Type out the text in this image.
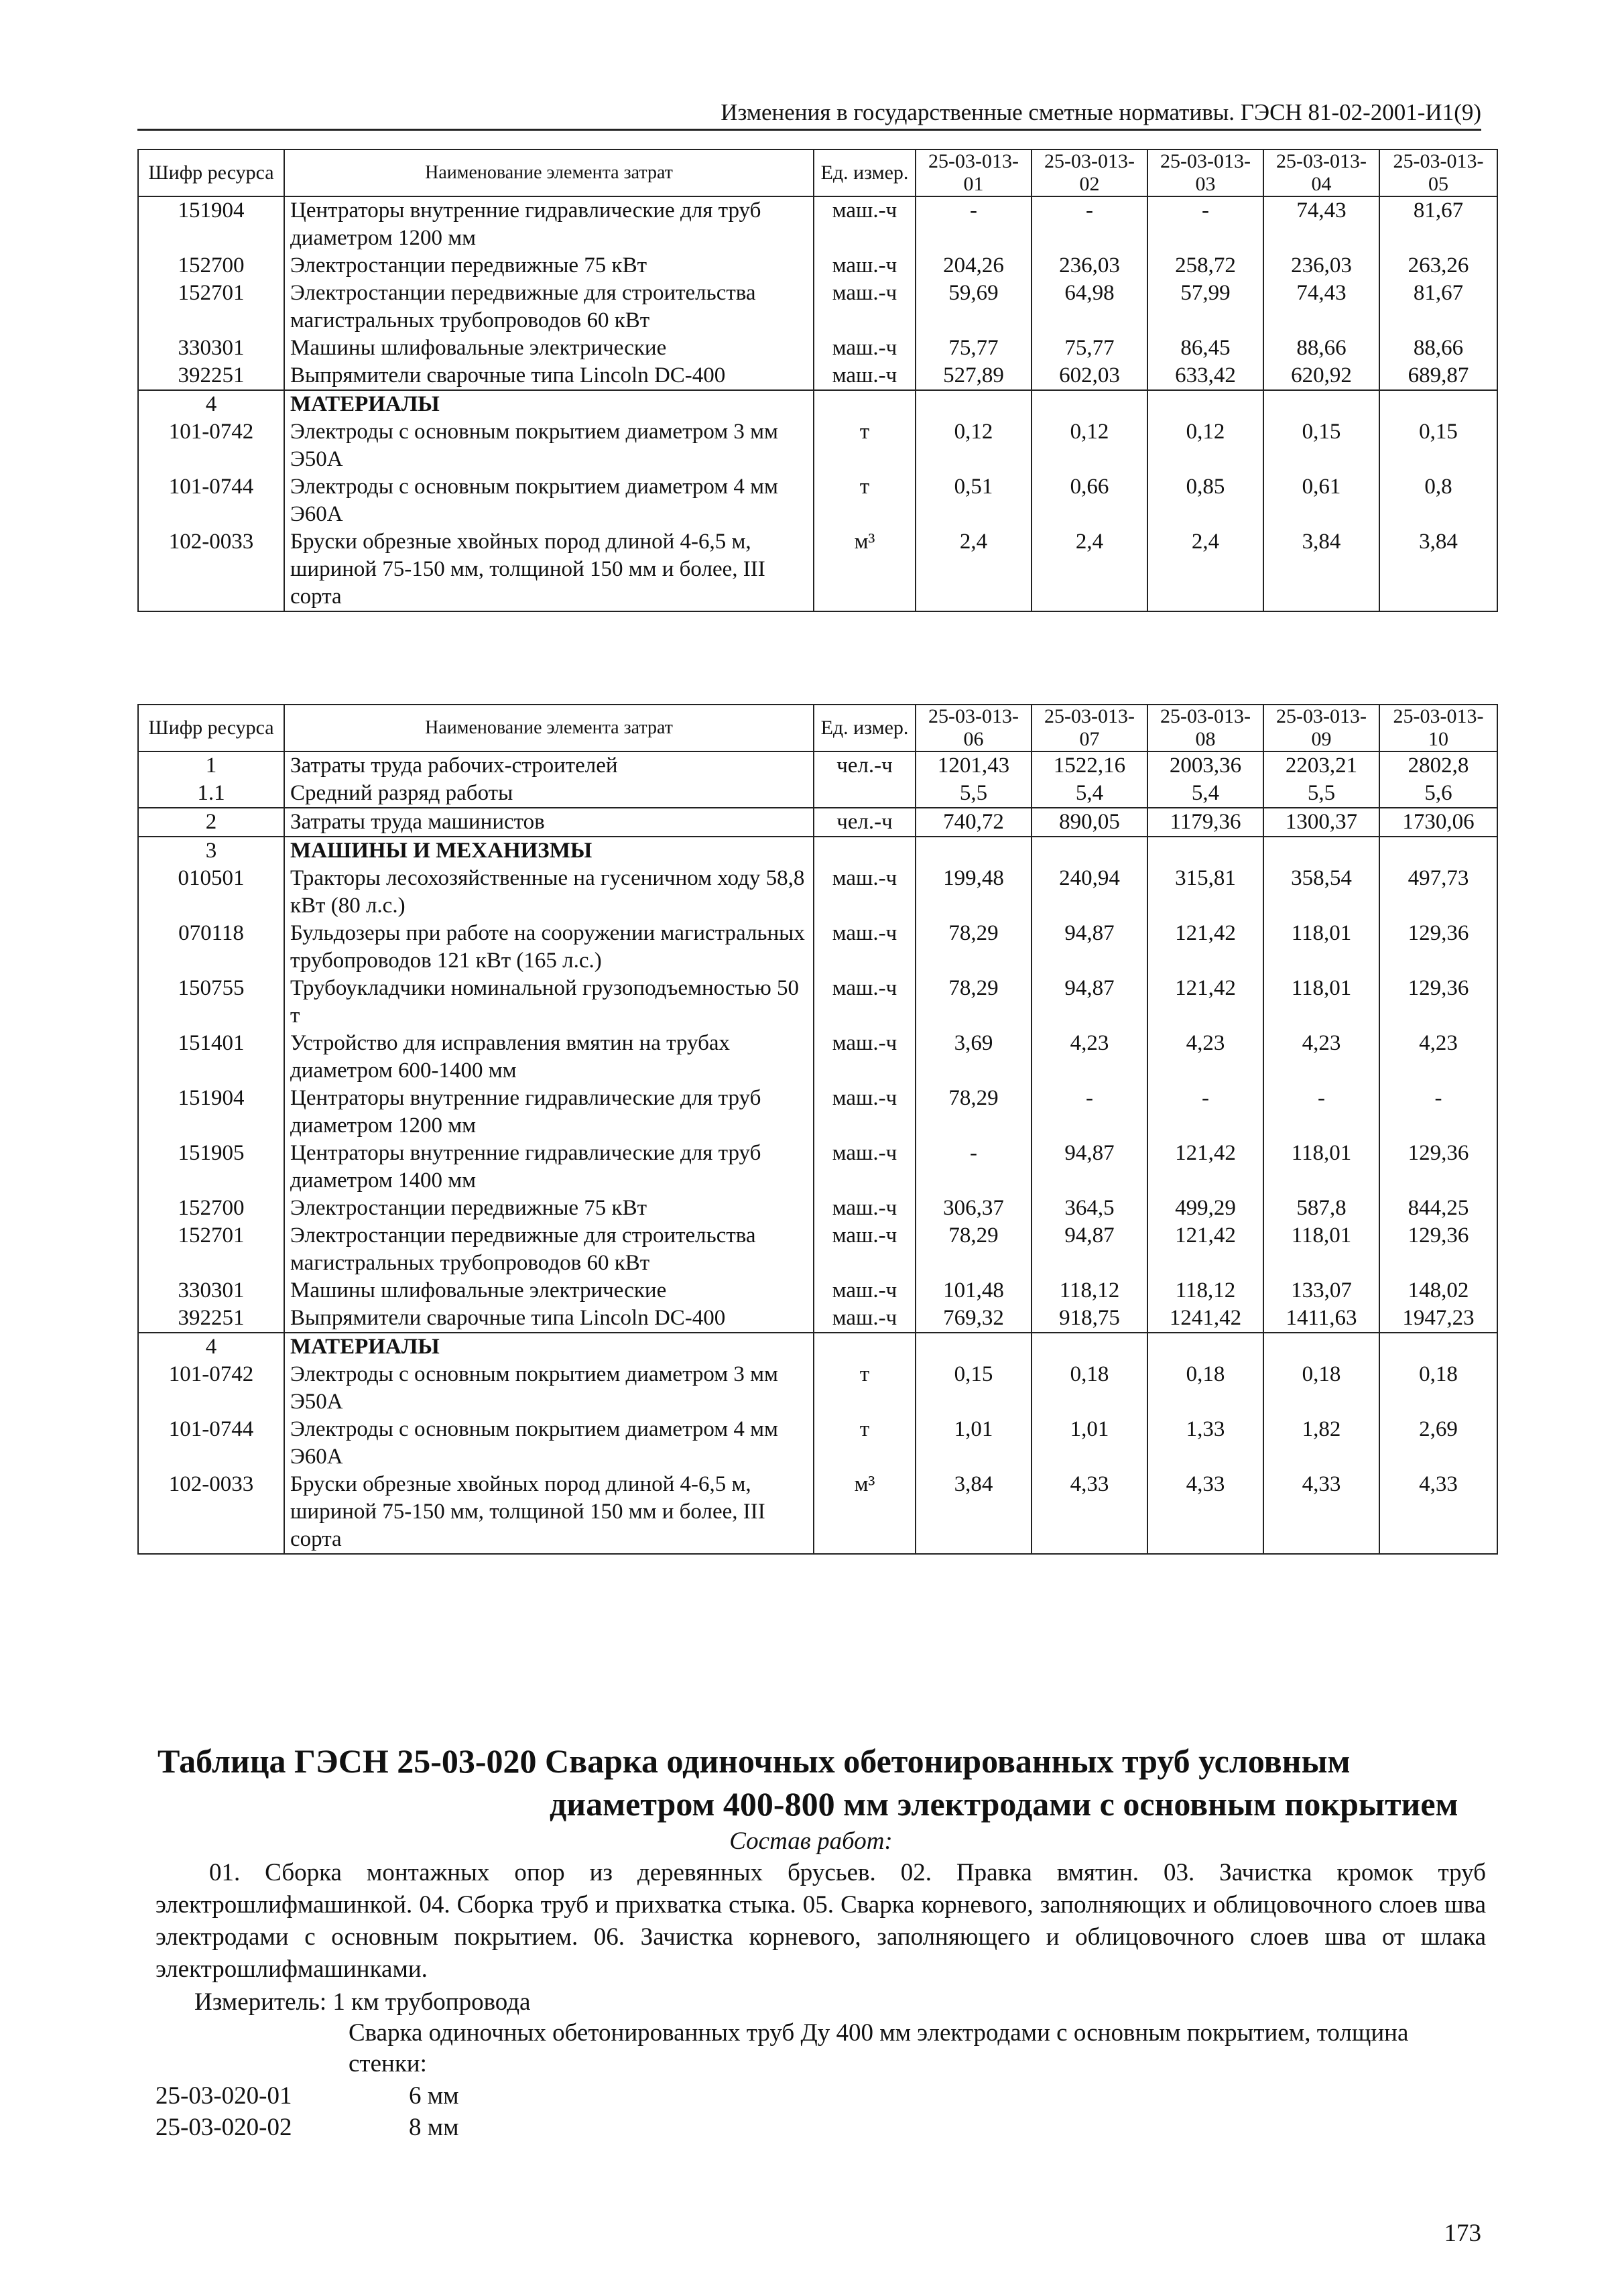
Изменения в государственные сметные нормативы. ГЭСН 81-02-2001-И1(9)
Шифр ресурса	Наименование элемента затрат	Ед. измер.	25-03-013-01	25-03-013-02	25-03-013-03	25-03-013-04	25-03-013-05
151904	Центраторы внутренние гидравлические для труб диаметром 1200 мм	маш.-ч	-	-	-	74,43	81,67
152700	Электростанции передвижные 75 кВт	маш.-ч	204,26	236,03	258,72	236,03	263,26
152701	Электростанции передвижные для строительства магистральных трубопроводов 60 кВт	маш.-ч	59,69	64,98	57,99	74,43	81,67
330301	Машины шлифовальные электрические	маш.-ч	75,77	75,77	86,45	88,66	88,66
392251	Выпрямители сварочные типа Lincoln DC-400	маш.-ч	527,89	602,03	633,42	620,92	689,87
4	МАТЕРИАЛЫ						
101-0742	Электроды с основным покрытием диаметром 3 мм Э50А	т	0,12	0,12	0,12	0,15	0,15
101-0744	Электроды с основным покрытием диаметром 4 мм Э60А	т	0,51	0,66	0,85	0,61	0,8
102-0033	Бруски обрезные хвойных пород длиной 4-6,5 м, шириной 75-150 мм, толщиной 150 мм и более, III сорта	м³	2,4	2,4	2,4	3,84	3,84
Шифр ресурса	Наименование элемента затрат	Ед. измер.	25-03-013-06	25-03-013-07	25-03-013-08	25-03-013-09	25-03-013-10
1	Затраты труда рабочих-строителей	чел.-ч	1201,43	1522,16	2003,36	2203,21	2802,8
1.1	Средний разряд работы		5,5	5,4	5,4	5,5	5,6
2	Затраты труда машинистов	чел.-ч	740,72	890,05	1179,36	1300,37	1730,06
3	МАШИНЫ И МЕХАНИЗМЫ						
010501	Тракторы лесохозяйственные на гусеничном ходу 58,8 кВт (80 л.с.)	маш.-ч	199,48	240,94	315,81	358,54	497,73
070118	Бульдозеры при работе на сооружении магистральных трубопроводов 121 кВт (165 л.с.)	маш.-ч	78,29	94,87	121,42	118,01	129,36
150755	Трубоукладчики номинальной грузоподъемностью 50 т	маш.-ч	78,29	94,87	121,42	118,01	129,36
151401	Устройство для исправления вмятин на трубах диаметром 600-1400 мм	маш.-ч	3,69	4,23	4,23	4,23	4,23
151904	Центраторы внутренние гидравлические для труб диаметром 1200 мм	маш.-ч	78,29	-	-	-	-
151905	Центраторы внутренние гидравлические для труб диаметром 1400 мм	маш.-ч	-	94,87	121,42	118,01	129,36
152700	Электростанции передвижные 75 кВт	маш.-ч	306,37	364,5	499,29	587,8	844,25
152701	Электростанции передвижные для строительства магистральных трубопроводов 60 кВт	маш.-ч	78,29	94,87	121,42	118,01	129,36
330301	Машины шлифовальные электрические	маш.-ч	101,48	118,12	118,12	133,07	148,02
392251	Выпрямители сварочные типа Lincoln DC-400	маш.-ч	769,32	918,75	1241,42	1411,63	1947,23
4	МАТЕРИАЛЫ						
101-0742	Электроды с основным покрытием диаметром 3 мм Э50А	т	0,15	0,18	0,18	0,18	0,18
101-0744	Электроды с основным покрытием диаметром 4 мм Э60А	т	1,01	1,01	1,33	1,82	2,69
102-0033	Бруски обрезные хвойных пород длиной 4-6,5 м, шириной 75-150 мм, толщиной 150 мм и более, III сорта	м³	3,84	4,33	4,33	4,33	4,33
Таблица ГЭСН 25-03-020 Сварка одиночных обетонированных труб условным
диаметром 400-800 мм электродами с основным покрытием
Состав работ:
01. Сборка монтажных опор из деревянных брусьев. 02. Правка вмятин. 03. Зачистка кромок труб электрошлифмашинкой. 04. Сборка труб и прихватка стыка. 05. Сварка корневого, заполняющих и облицовочного слоев шва электродами с основным покрытием. 06. Зачистка корневого, заполняющего и облицовочного слоев шва от шлака электрошлифмашинками.
Измеритель: 1 км трубопровода
Сварка одиночных обетонированных труб Ду 400 мм электродами с основным покрытием, толщина стенки:
25-03-020-01	6 мм
25-03-020-02	8 мм
173
